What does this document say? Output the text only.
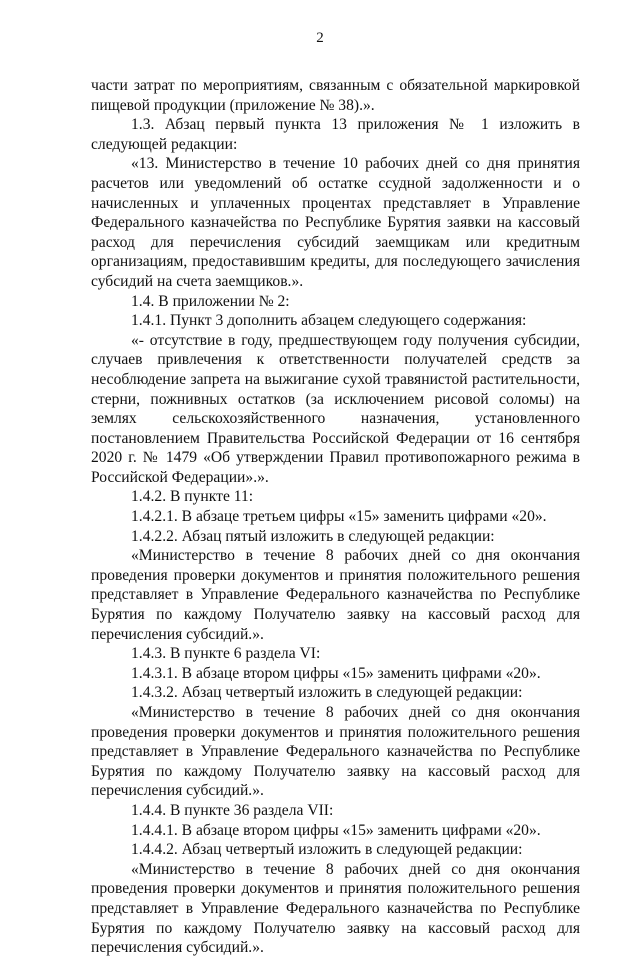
2

части затрат по мероприятиям, связанным с обязательной маркировкой пищевой продукции (приложение № 38).».

1.3. Абзац первый пункта 13 приложения № 1 изложить в следующей редакции:

«13. Министерство в течение 10 рабочих дней со дня принятия расчетов или уведомлений об остатке ссудной задолженности и о начисленных и уплаченных процентах представляет в Управление Федерального казначейства по Республике Бурятия заявки на кассовый расход для перечисления субсидий заемщикам или кредитным организациям, предоставившим кредиты, для последующего зачисления субсидий на счета заемщиков.».

1.4. В приложении № 2:

1.4.1. Пункт 3 дополнить абзацем следующего содержания:

«- отсутствие в году, предшествующем году получения субсидии, случаев привлечения к ответственности получателей средств за несоблюдение запрета на выжигание сухой травянистой растительности, стерни, пожнивных остатков (за исключением рисовой соломы) на землях сельскохозяйственного назначения, установленного постановлением Правительства Российской Федерации от 16 сентября 2020 г. № 1479 «Об утверждении Правил противопожарного режима в Российской Федерации».».

1.4.2. В пункте 11:

1.4.2.1. В абзаце третьем цифры «15» заменить цифрами «20».

1.4.2.2. Абзац пятый изложить в следующей редакции:

«Министерство в течение 8 рабочих дней со дня окончания проведения проверки документов и принятия положительного решения представляет в Управление Федерального казначейства по Республике Бурятия по каждому Получателю заявку на кассовый расход для перечисления субсидий.».

1.4.3. В пункте 6 раздела VI:

1.4.3.1. В абзаце втором цифры «15» заменить цифрами «20».

1.4.3.2. Абзац четвертый изложить в следующей редакции:

«Министерство в течение 8 рабочих дней со дня окончания проведения проверки документов и принятия положительного решения представляет в Управление Федерального казначейства по Республике Бурятия по каждому Получателю заявку на кассовый расход для перечисления субсидий.».

1.4.4. В пункте 36 раздела VII:

1.4.4.1. В абзаце втором цифры «15» заменить цифрами «20».

1.4.4.2. Абзац четвертый изложить в следующей редакции:

«Министерство в течение 8 рабочих дней со дня окончания проведения проверки документов и принятия положительного решения представляет в Управление Федерального казначейства по Республике Бурятия по каждому Получателю заявку на кассовый расход для перечисления субсидий.».
